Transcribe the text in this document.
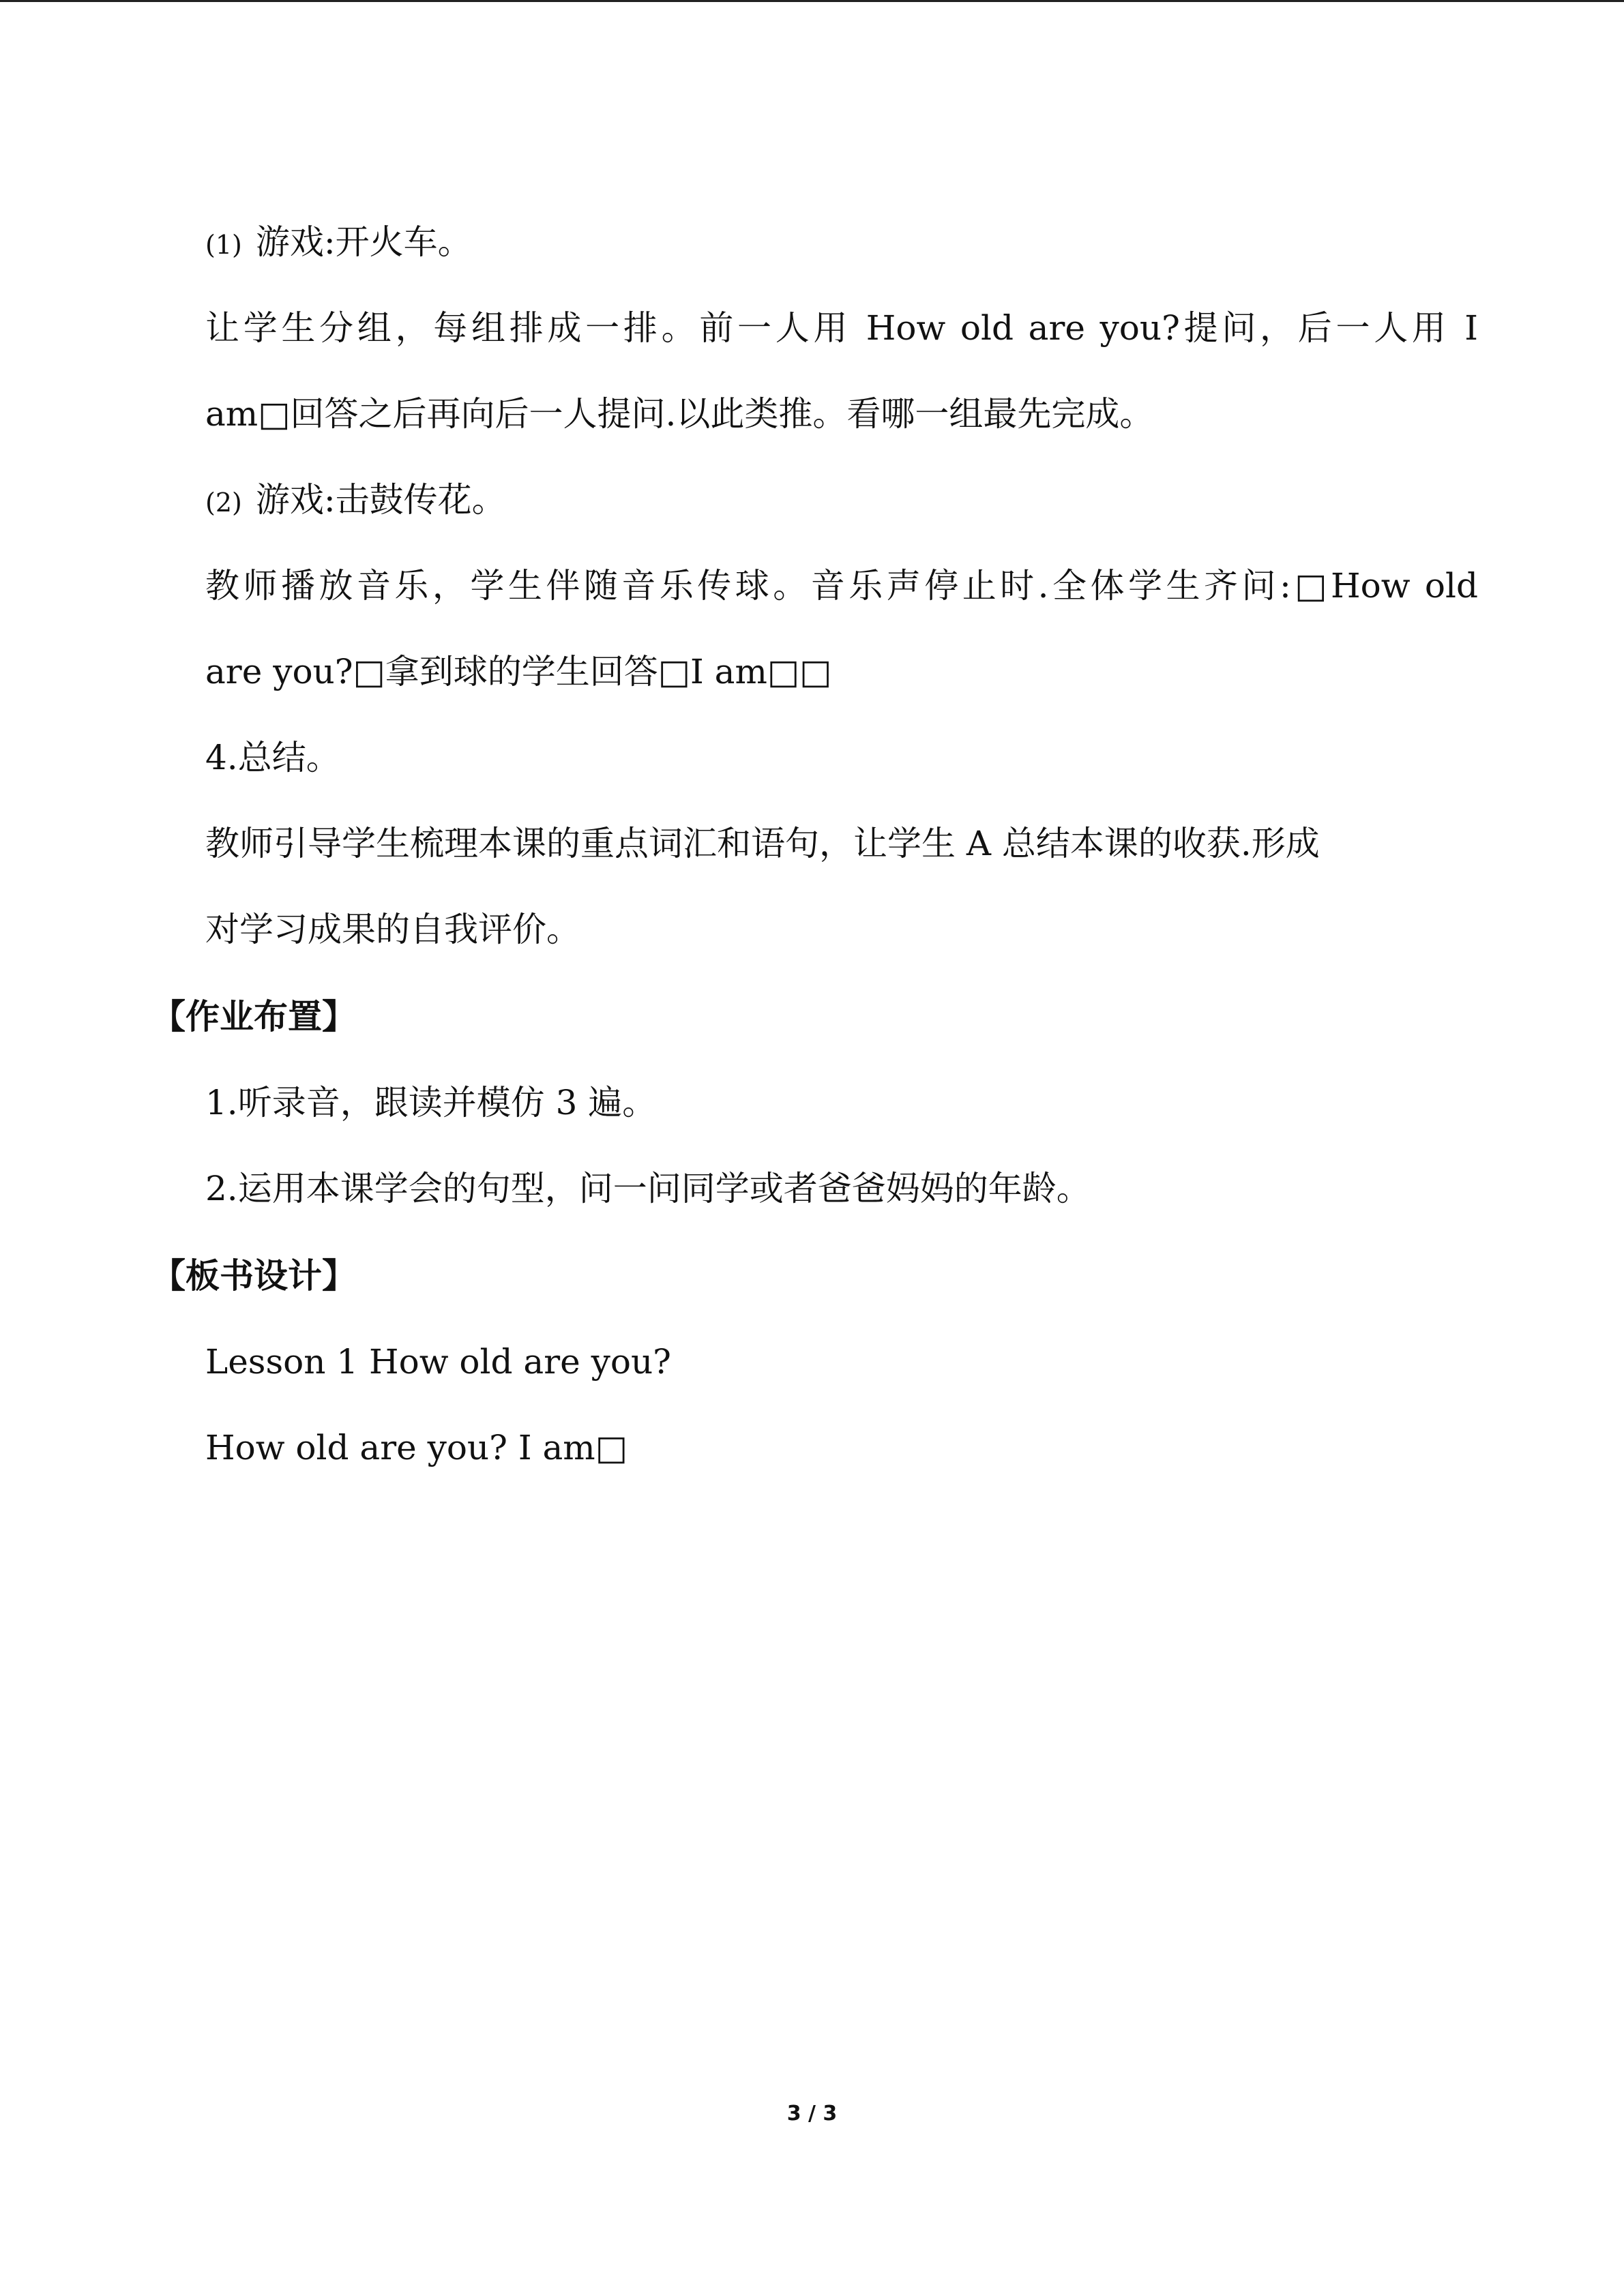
(1) 游戏:开火车。
让学生分组，每组排成一排。前一人用 How old are you?提问，后一人用 I
am□回答之后再向后一人提问.以此类推。看哪一组最先完成。
(2) 游戏:击鼓传花。
教师播放音乐，学生伴随音乐传球。音乐声停止时.全体学生齐问:□How old
are you?□拿到球的学生回答□I am□□
4.总结。
教师引导学生梳理本课的重点词汇和语句，让学生 A 总结本课的收获.形成
对学习成果的自我评价。
【作业布置】
1.听录音，跟读并模仿 3 遍。
2.运用本课学会的句型，问一问同学或者爸爸妈妈的年龄。
【板书设计】
Lesson 1 How old are you?
How old are you? I am□
3 / 3
